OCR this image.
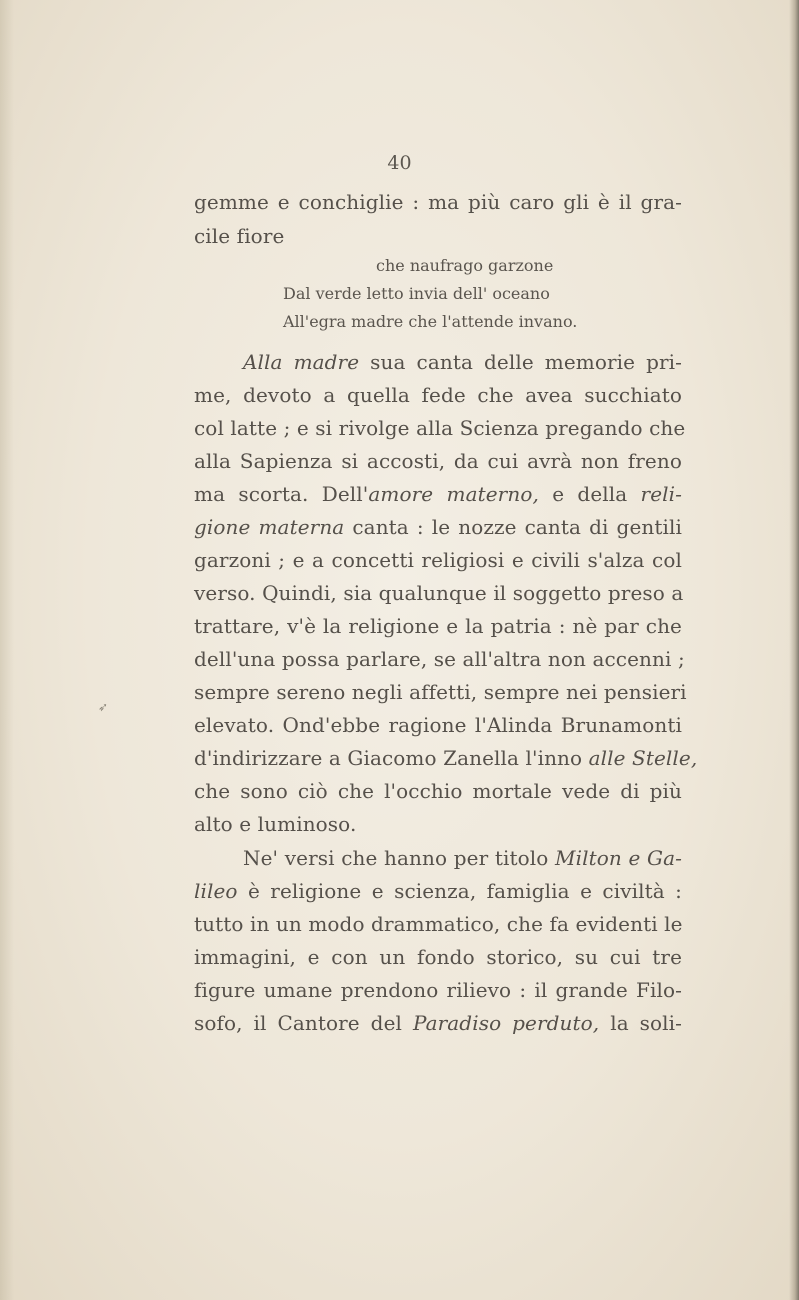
40
gemme e conchiglie : ma più caro gli è il gra-
cile fiore
che naufrago garzone
Dal verde letto invia dell' oceano
All'egra madre che l'attende invano.
Alla madre sua canta delle memorie pri-
me, devoto a quella fede che avea succhiato
col latte ; e si rivolge alla Scienza pregando che
alla Sapienza si accosti, da cui avrà non freno
ma scorta. Dell'amore materno, e della reli-
gione materna canta : le nozze canta di gentili
garzoni ; e a concetti religiosi e civili s'alza col
verso. Quindi, sia qualunque il soggetto preso a
trattare, v'è la religione e la patria : nè par che
dell'una possa parlare, se all'altra non accenni ;
sempre sereno negli affetti, sempre nei pensieri
elevato. Ond'ebbe ragione l'Alinda Brunamonti
d'indirizzare a Giacomo Zanella l'inno alle Stelle,
che sono ciò che l'occhio mortale vede di più
alto e luminoso.
Ne' versi che hanno per titolo Milton e Ga-
lileo è religione e scienza, famiglia e civiltà :
tutto in un modo drammatico, che fa evidenti le
immagini, e con un fondo storico, su cui tre
figure umane prendono rilievo : il grande Filo-
sofo, il Cantore del Paradiso perduto, la soli-
➶
